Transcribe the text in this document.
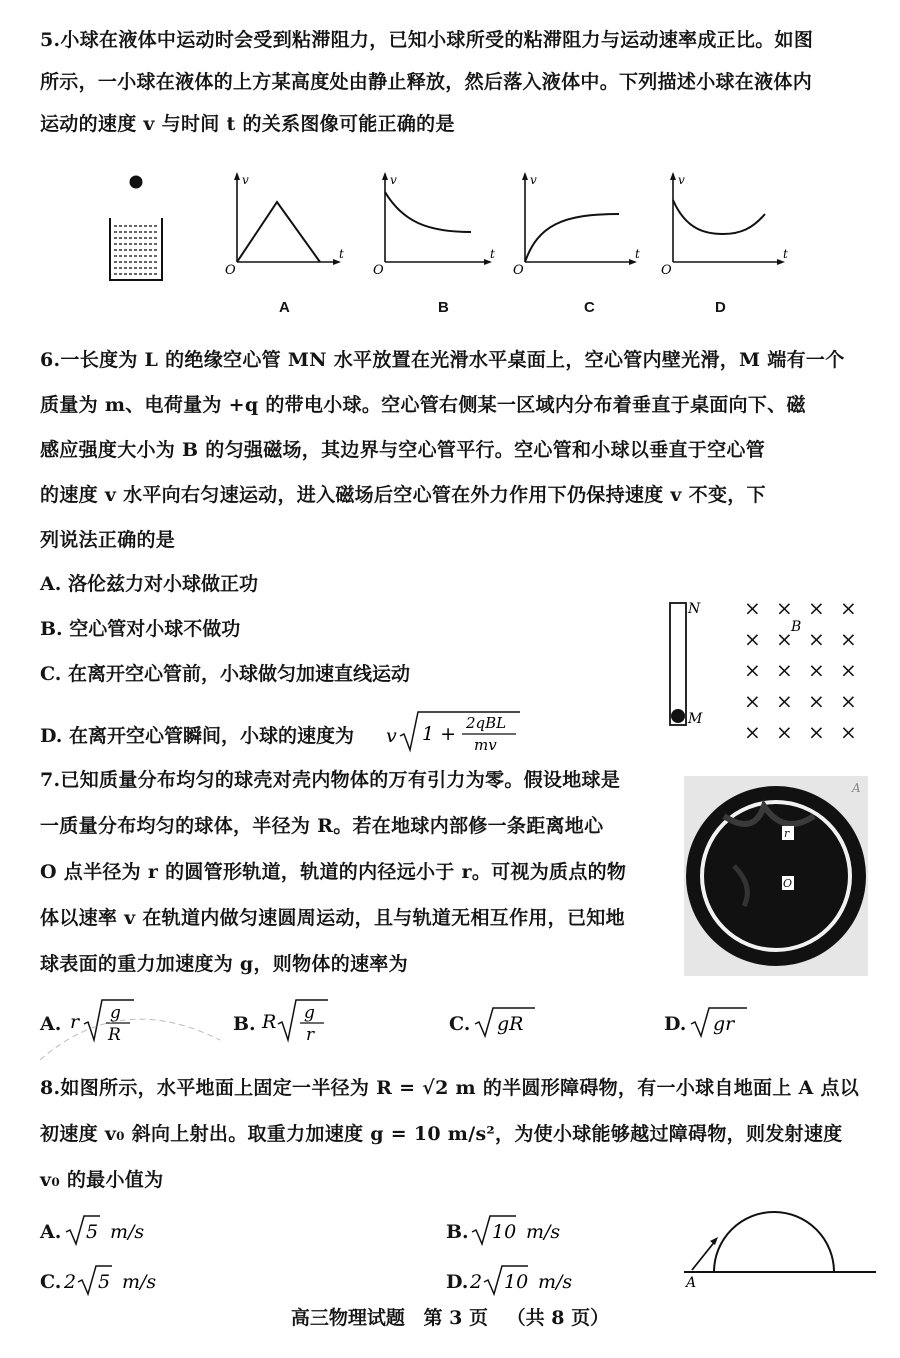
5.小球在液体中运动时会受到粘滞阻力，已知小球所受的粘滞阻力与运动速率成正比。如图
所示，一小球在液体的上方某高度处由静止释放，然后落入液体中。下列描述小球在液体内
运动的速度 v 与时间 t 的关系图像可能正确的是
v
t
O
A
v
t
O
B
v
t
O
C
v
t
O
D
6.一长度为 L 的绝缘空心管 MN 水平放置在光滑水平桌面上，空心管内壁光滑，M 端有一个
质量为 m、电荷量为 +q 的带电小球。空心管右侧某一区域内分布着垂直于桌面向下、磁
感应强度大小为 B 的匀强磁场，其边界与空心管平行。空心管和小球以垂直于空心管
的速度 v 水平向右匀速运动，进入磁场后空心管在外力作用下仍保持速度 v 不变，下
列说法正确的是
A. 洛伦兹力对小球做正功
B. 空心管对小球不做功
C. 在离开空心管前，小球做匀加速直线运动
D. 在离开空心管瞬间，小球的速度为 v 1 + 2qBL
mv
N
M
B
× × × ×
× × × ×
× × × ×
× × × ×
× × × ×
7.已知质量分布均匀的球壳对壳内物体的万有引力为零。假设地球是
一质量分布均匀的球体，半径为 R。若在地球内部修一条距离地心
O 点半径为 r 的圆管形轨道，轨道的内径远小于 r。可视为质点的物
体以速率 v 在轨道内做匀速圆周运动，且与轨道无相互作用，已知地
球表面的重力加速度为 g，则物体的速率为
r
O
A
A. r g
R	B. R g
r	C. gR	D. gr
8.如图所示，水平地面上固定一半径为 R = √2 m 的半圆形障碍物，有一小球自地面上 A 点以
初速度 v₀ 斜向上射出。取重力加速度 g = 10 m/s²，为使小球能够越过障碍物，则发射速度
v₀ 的最小值为
A. 5 m/s	B. 10 m/s
C. 2 5 m/s	D. 2 10 m/s	A
高三物理试题 第 3 页 （共 8 页）
